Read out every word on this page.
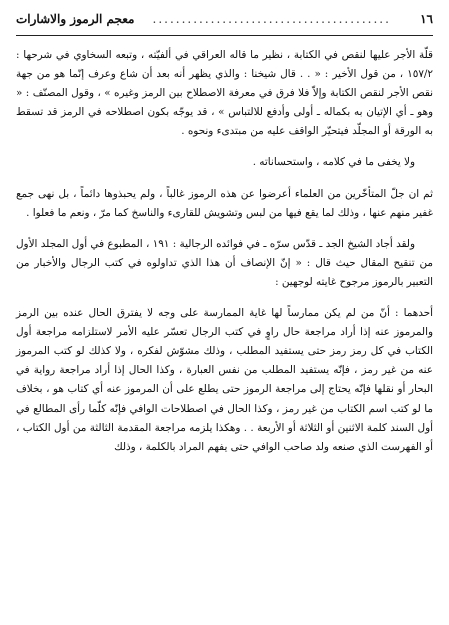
١٦
.........................................
معجم الرموز والاشارات

قلّة الأجر عليها لنقص في الكتابة ، نظير ما قاله العراقي في ألفيّته ، وتبعه السخاوي في شرحها : ١٥٧/٢ ، من قول الأخير : « . . قال شيخنا : والذي يظهر أنه بعد أن شاع وعرف إنّما هو من جهة نقص الأجر لنقص الكتابة وإلاّ فلا فرق في معرفة الاصطلاح بين الرمز وغيره » ، وقول المصنّف : « وهو ـ أي الإتيان به بكماله ـ أولى وأدفع للالتباس » ، قد يوجّه بكون اصطلاحه في الرمز قد تسقط به الورقة أو المجلّد فيتحيّر الواقف عليه من مبتدىء ونحوه .

ولا يخفى ما في كلامه ، واستحساناته .

ثم ان جلّ المتأخّرين من العلماء أعرضوا عن هذه الرموز غالباً ، ولم يحبذوها دائماً ، بل نهى جمع غفير منهم عنها ، وذلك لما يقع فيها من لبس وتشويش للقارىء والناسخ كما مرّ ، ونعم ما فعلوا .

ولقد أجاد الشيخ الجد ـ قدّس سرّه ـ في فوائده الرجالية : ١٩١ ، المطبوع في أول المجلد الأول من تنقيح المقال حيث قال : « إنّ الإنصاف أن هذا الذي تداولوه في كتب الرجال والأخبار من التعبير بالرموز مرجوح غايته لوجهين :

أحدهما : أنّ من لم يكن ممارساً لها غاية الممارسة على وجه لا يفترق الحال عنده بين الرمز والمرموز عنه إذا أراد مراجعة حال راوٍ في كتب الرجال تعسّر عليه الأمر لاستلزامه مراجعة أول الكتاب في كل رمز رمز حتى يستفيد المطلب ، وذلك مشوّش لفكره ، ولا كذلك لو كتب المرموز عنه من غير رمز ، فإنّه يستفيد المطلب من نفس العبارة ، وكذا الحال إذا أراد مراجعة رواية في البحار أو نقلها فإنّه يحتاج إلى مراجعة الرموز حتى يطلع على أن المرموز عنه أي كتاب هو ، بخلاف ما لو كتب اسم الكتاب من غير رمز ، وكذا الحال في اصطلاحات الوافي فإنّه كلّما رأى المطالع في أول السند كلمة الاثنين أو الثلاثة أو الأربعة . . وهكذا يلزمه مراجعة المقدمة الثالثة من أول الكتاب ، أو الفهرست الذي صنعه ولد صاحب الوافي حتى يفهم المراد بالكلمة ، وذلك
